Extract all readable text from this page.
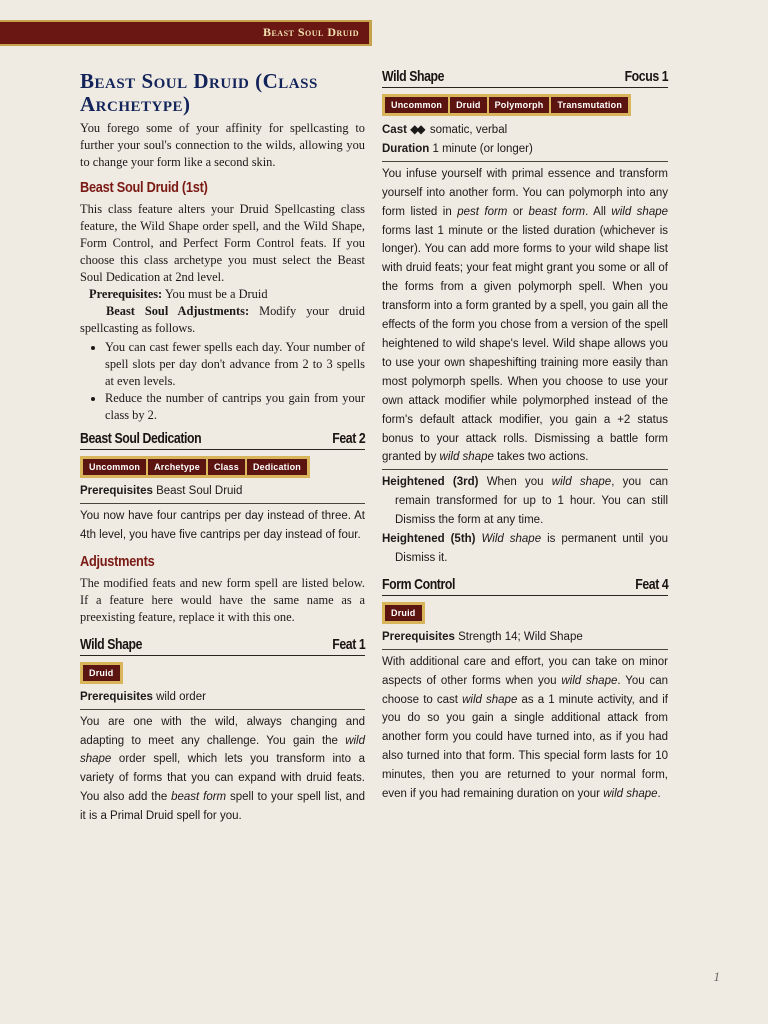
Beast Soul Druid
Beast Soul Druid (Class Archetype)

You forego some of your affinity for spellcasting to further your soul's connection to the wilds, allowing you to change your form like a second skin.

Beast Soul Druid (1st)

This class feature alters your Druid Spellcasting class feature, the Wild Shape order spell, and the Wild Shape, Form Control, and Perfect Form Control feats. If you choose this class archetype you must select the Beast Soul Dedication at 2nd level.

Prerequisites: You must be a Druid

Beast Soul Adjustments: Modify your druid spellcasting as follows.

• You can cast fewer spells each day. Your number of spell slots per day don't advance from 2 to 3 spells at even levels.
• Reduce the number of cantrips you gain from your class by 2.
Beast Soul Dedication	Feat 2
Uncommon	Archetype	Class	Dedication

Prerequisites Beast Soul Druid

You now have four cantrips per day instead of three. At 4th level, you have five cantrips per day instead of four.

Adjustments

The modified feats and new form spell are listed below. If a feature here would have the same name as a preexisting feature, replace it with this one.

Wild Shape	Feat 1
Druid

Prerequisites wild order

You are one with the wild, always changing and adapting to meet any challenge. You gain the wild shape order spell, which lets you transform into a variety of forms that you can expand with druid feats. You also add the beast form spell to your spell list, and it is a Primal Druid spell for you.

Wild Shape	Focus 1
Uncommon	Druid	Polymorph	Transmutation

Cast ◆◆ somatic, verbal

Duration 1 minute (or longer)

You infuse yourself with primal essence and transform yourself into another form. You can polymorph into any form listed in pest form or beast form. All wild shape forms last 1 minute or the listed duration (whichever is longer). You can add more forms to your wild shape list with druid feats; your feat might grant you some or all of the forms from a given polymorph spell. When you transform into a form granted by a spell, you gain all the effects of the form you chose from a version of the spell heightened to wild shape's level. Wild shape allows you to use your own shapeshifting training more easily than most polymorph spells. When you choose to use your own attack modifier while polymorphed instead of the form's default attack modifier, you gain a +2 status bonus to your attack rolls. Dismissing a battle form granted by wild shape takes two actions.

Heightened (3rd) When you wild shape, you can remain transformed for up to 1 hour. You can still Dismiss the form at any time.

Heightened (5th) Wild shape is permanent until you Dismiss it.

Form Control	Feat 4
Druid

Prerequisites Strength 14; Wild Shape

With additional care and effort, you can take on minor aspects of other forms when you wild shape. You can choose to cast wild shape as a 1 minute activity, and if you do so you gain a single additional attack from another form you could have turned into, as if you had also turned into that form. This special form lasts for 10 minutes, then you are returned to your normal form, even if you had remaining duration on your wild shape.

1
